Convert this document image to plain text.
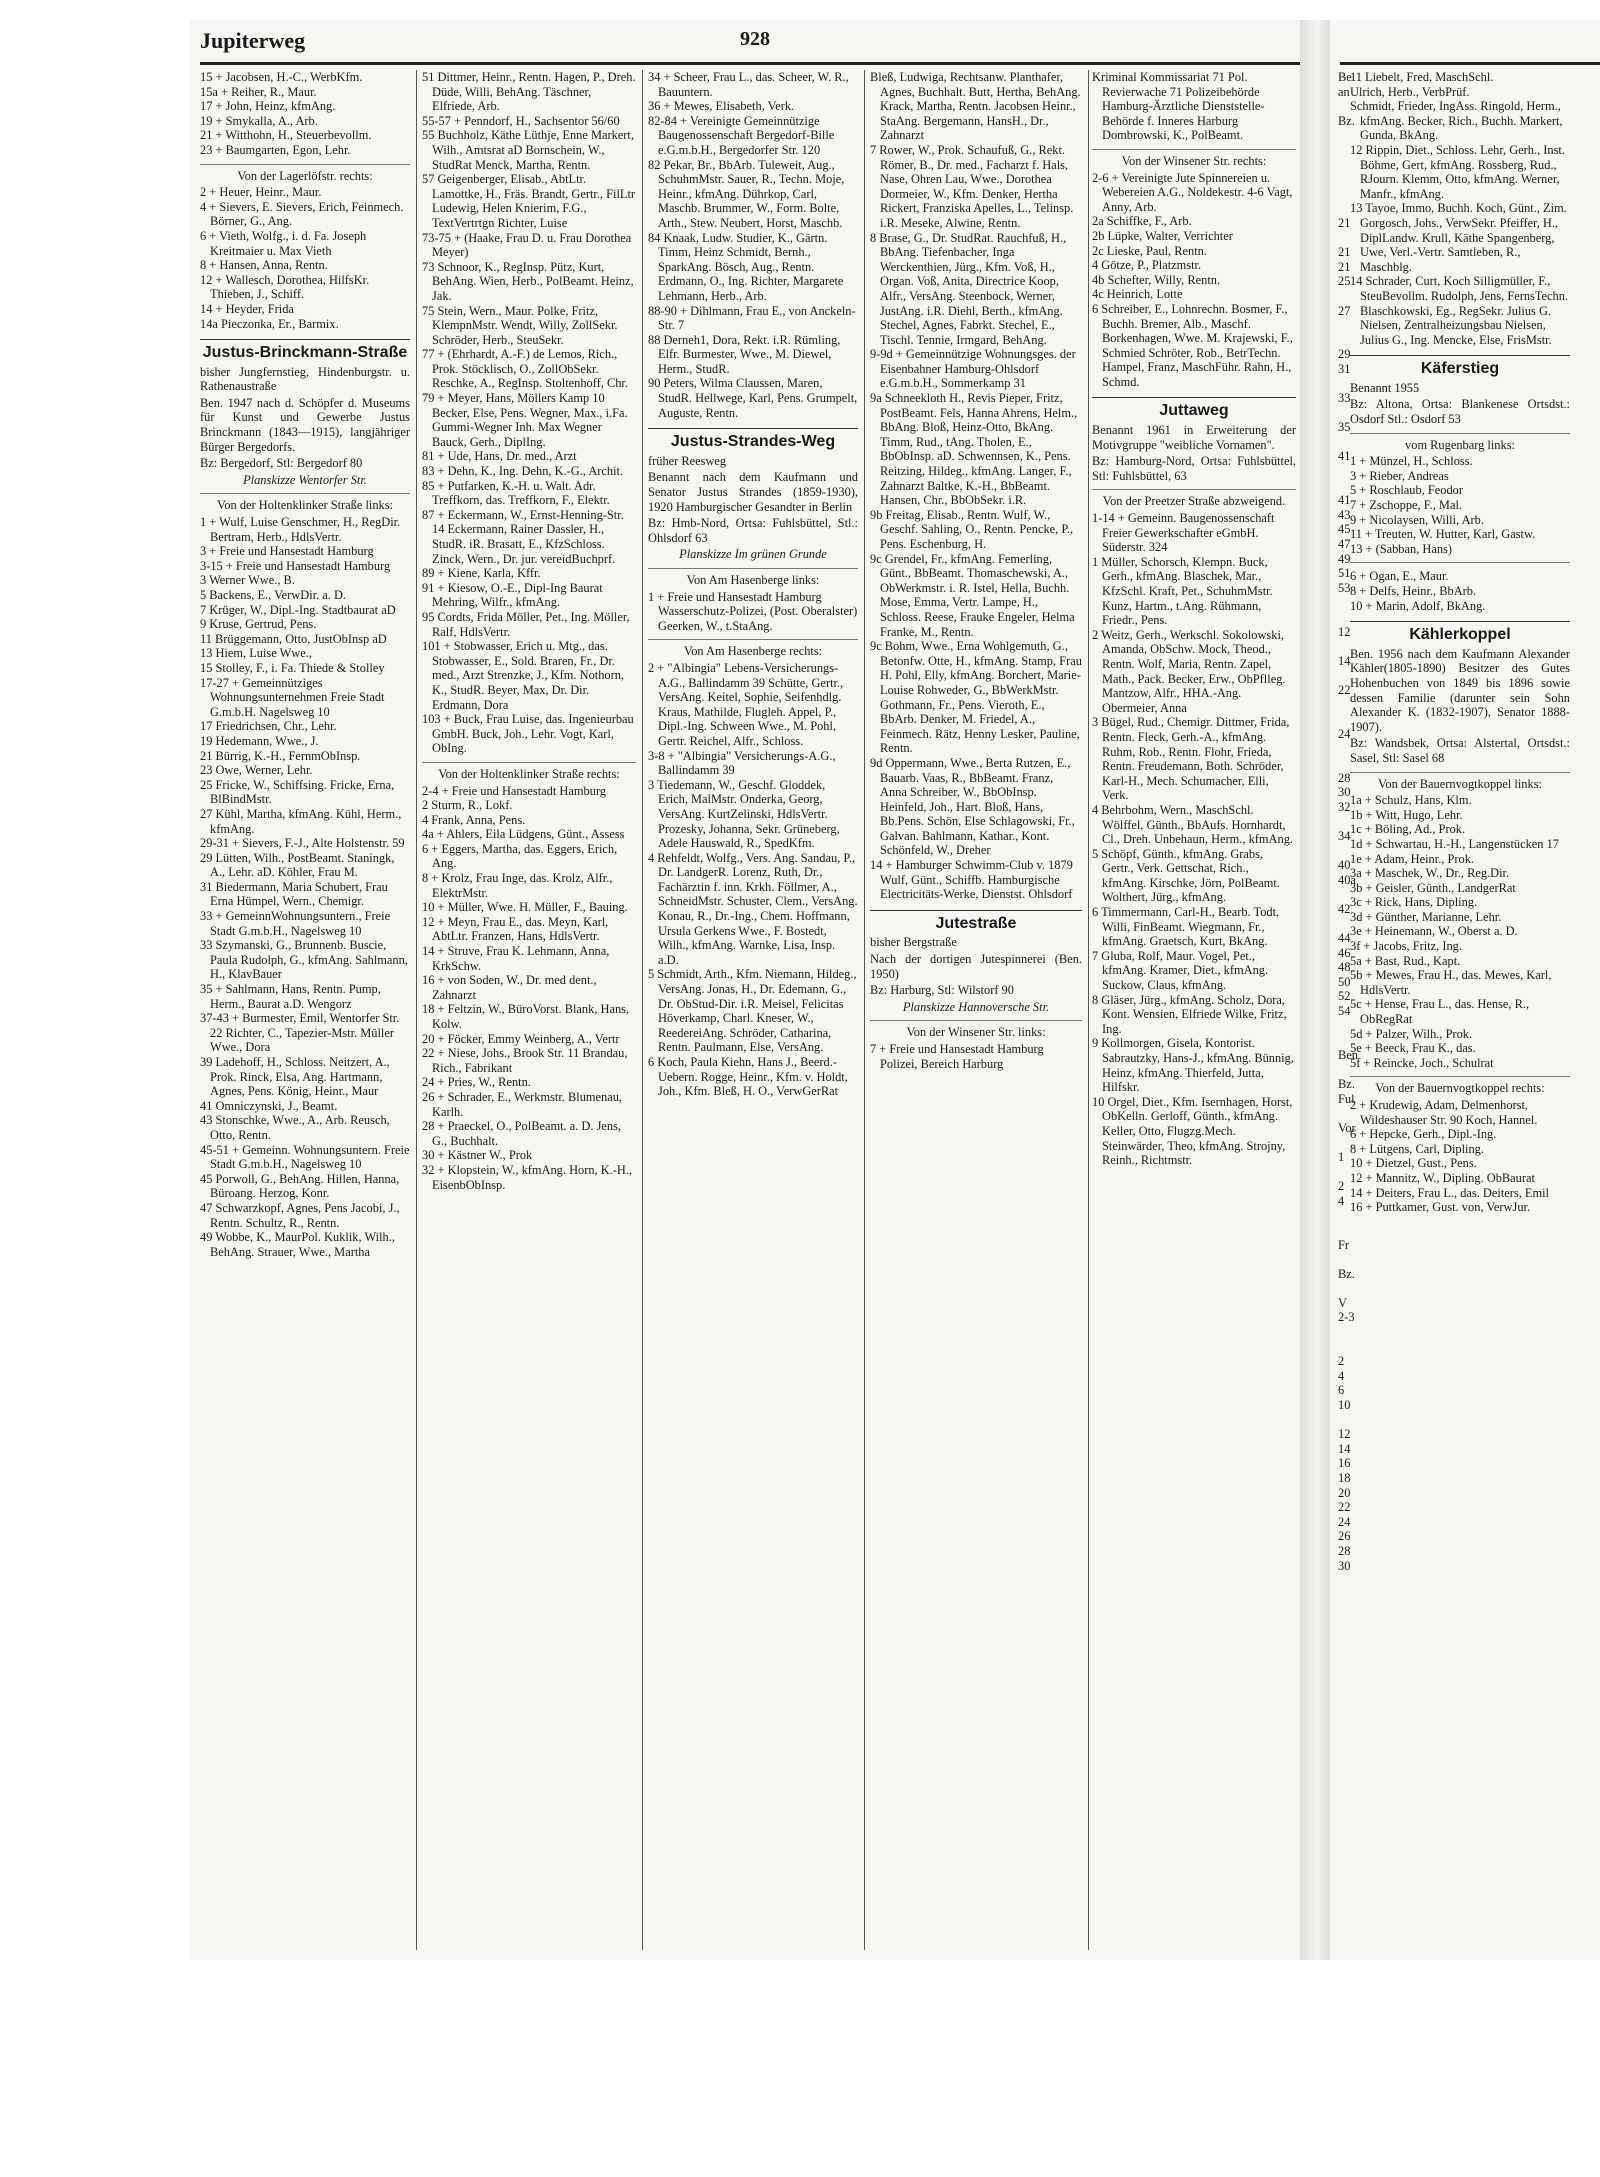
Be
an

Bz.

21

21
21
25

27

29
31

33

35

41

41
43
45
47
49
51
53

12

14

22

24

28
30
32

34

40
40a

42

44
46
48
50
52
54

Ben

Bz.
Ful

Vor

1

2
4

Fr

Bz.

V
2-3

2
4
6
10

12
14
16
18
20
22
24
26
28
30
Jupiterweg	928

15 + Jacobsen, H.-C., WerbKfm.

15a + Reiher, R., Maur.

17 + John, Heinz, kfmAng.

19 + Smykalla, A., Arb.

21 + Witthohn, H., Steuerbevollm.

23 + Baumgarten, Egon, Lehr.

Von der Lagerlöfstr. rechts:

2 + Heuer, Heinr., Maur.

4 + Sievers, E. Sievers, Erich, Feinmech. Börner, G., Ang.

6 + Vieth, Wolfg., i. d. Fa. Joseph Kreitmaier u. Max Vieth

8 + Hansen, Anna, Rentn.

12 + Wallesch, Dorothea, HilfsKr. Thieben, J., Schiff.

14 + Heyder, Frida

14a Pieczonka, Er., Barmix.

Justus-Brinckmann-Straße
bisher Jungfernstieg, Hindenburgstr. u. Rathenaustraße
Ben. 1947 nach d. Schöpfer d. Museums für Kunst und Gewerbe Justus Brinckmann (1843—1915), langjähriger Bürger Bergedorfs.
Bz: Bergedorf, Stl: Bergedorf 80
Planskizze Wentorfer Str.
Von der Holtenklinker Straße links:

1 + Wulf, Luise Genschmer, H., RegDir. Bertram, Herb., HdlsVertr.

3 + Freie und Hansestadt Hamburg

3-15 + Freie und Hansestadt Hamburg

3 Werner Wwe., B.

5 Backens, E., VerwDir. a. D.

7 Krüger, W., Dipl.-Ing. Stadtbaurat aD

9 Kruse, Gertrud, Pens.

11 Brüggemann, Otto, JustObInsp aD

13 Hiem, Luise Wwe.,

15 Stolley, F., i. Fa. Thiede & Stolley

17-27 + Gemeinnütziges Wohnungsunternehmen Freie Stadt G.m.b.H. Nagelsweg 10

17 Friedrichsen, Chr., Lehr.

19 Hedemann, Wwe., J.

21 Bürrig, K.-H., FernmObInsp.

23 Owe, Werner, Lehr.

25 Fricke, W., Schiffsing. Fricke, Erna, BlBindMstr.

27 Kühl, Martha, kfmAng. Kühl, Herm., kfmAng.

29-31 + Sievers, F.-J., Alte Holstenstr. 59

29 Lütten, Wilh., PostBeamt. Staningk, A., Lehr. aD. Köhler, Frau M.

31 Biedermann, Maria Schubert, Frau Erna Hümpel, Wern., Chemigr.

33 + GemeinnWohnungsuntern., Freie Stadt G.m.b.H., Nagelsweg 10

33 Szymanski, G., Brunnenb. Buscie, Paula Rudolph, G., kfmAng. Sahlmann, H., KlavBauer

35 + Sahlmann, Hans, Rentn. Pump, Herm., Baurat a.D. Wengorz

37-43 + Burmester, Emil, Wentorfer Str. 22 Richter, C., Tapezier-Mstr. Müller Wwe., Dora

39 Ladehoff, H., Schloss. Neitzert, A., Prok. Rinck, Elsa, Ang. Hartmann, Agnes, Pens. König, Heinr., Maur

41 Omniczynski, J., Beamt.

43 Stonschke, Wwe., A., Arb. Reusch, Otto, Rentn.

45-51 + Gemeinn. Wohnungsuntern. Freie Stadt G.m.b.H., Nagelsweg 10

45 Porwoll, G., BehAng. Hillen, Hanna, Büroang. Herzog, Konr.

47 Schwarzkopf, Agnes, Pens Jacobi, J., Rentn. Schultz, R., Rentn.

49 Wobbe, K., MaurPol. Kuklik, Wilh., BehAng. Strauer, Wwe., Martha

51 Dittmer, Heinr., Rentn. Hagen, P., Dreh. Düde, Willi, BehAng. Täschner, Elfriede, Arb.

55-57 + Penndorf, H., Sachsentor 56/60

55 Buchholz, Käthe Lüthje, Enne Markert, Wilh., Amtsrat aD Bornschein, W., StudRat Menck, Martha, Rentn.

57 Geigenberger, Elisab., AbtLtr. Lamottke, H., Fräs. Brandt, Gertr., FilLtr Ludewig, Helen Knierim, F.G., TextVertrtgn Richter, Luise

73-75 + (Haake, Frau D. u. Frau Dorothea Meyer)

73 Schnoor, K., RegInsp. Pütz, Kurt, BehAng. Wien, Herb., PolBeamt. Heinz, Jak.

75 Stein, Wern., Maur. Polke, Fritz, KlempnMstr. Wendt, Willy, ZollSekr. Schröder, Herb., SteuSekr.

77 + (Ehrhardt, A.-F.) de Lemos, Rich., Prok. Stöcklisch, O., ZollObSekr. Reschke, A., RegInsp. Stoltenhoff, Chr.

79 + Meyer, Hans, Möllers Kamp 10 Becker, Else, Pens. Wegner, Max., i.Fa. Gummi-Wegner Inh. Max Wegner Bauck, Gerh., DiplIng.

81 + Ude, Hans, Dr. med., Arzt

83 + Dehn, K., Ing. Dehn, K.-G., Archit.

85 + Putfarken, K.-H. u. Walt. Adr. Treffkorn, das. Treffkorn, F., Elektr.

87 + Eckermann, W., Ernst-Henning-Str. 14 Eckermann, Rainer Dassler, H., StudR. iR. Brasatt, E., KfzSchloss. Zinck, Wern., Dr. jur. vereidBuchprf.

89 + Kiene, Karla, Kffr.

91 + Kiesow, O.-E., Dipl-Ing Baurat Mehring, Wilfr., kfmAng.

95 Cordts, Frida Möller, Pet., Ing. Möller, Ralf, HdlsVertr.

101 + Stobwasser, Erich u. Mtg., das. Stobwasser, E., Sold. Braren, Fr., Dr. med., Arzt Strenzke, J., Kfm. Nothorn, K., StudR. Beyer, Max, Dr. Dir. Erdmann, Dora

103 + Buck, Frau Luise, das. Ingenieurbau GmbH. Buck, Joh., Lehr. Vogt, Karl, ObIng.

Von der Holtenklinker Straße rechts:

2-4 + Freie und Hansestadt Hamburg

2 Sturm, R., Lokf.

4 Frank, Anna, Pens.

4a + Ahlers, Eila Lüdgens, Günt., Assess

6 + Eggers, Martha, das. Eggers, Erich, Ang.

8 + Krolz, Frau Inge, das. Krolz, Alfr., ElektrMstr.

10 + Müller, Wwe. H. Müller, F., Bauing.

12 + Meyn, Frau E., das. Meyn, Karl, AbtLtr. Franzen, Hans, HdlsVertr.

14 + Struve, Frau K. Lehmann, Anna, KrkSchw.

16 + von Soden, W., Dr. med dent., Zahnarzt

18 + Feltzin, W., BüroVorst. Blank, Hans, Kolw.

20 + Föcker, Emmy Weinberg, A., Vertr

22 + Niese, Johs., Brook Str. 11 Brandau, Rich., Fabrikant

24 + Pries, W., Rentn.

26 + Schrader, E., Werkmstr. Blumenau, Karlh.

28 + Praeckel, O., PolBeamt. a. D. Jens, G., Buchhalt.

30 + Kästner W., Prok

32 + Klopstein, W., kfmAng. Horn, K.-H., EisenbObInsp.

34 + Scheer, Frau L., das. Scheer, W. R., Bauuntern.

36 + Mewes, Elisabeth, Verk.

82-84 + Vereinigte Gemeinnützige Baugenossenschaft Bergedorf-Bille e.G.m.b.H., Bergedorfer Str. 120

82 Pekar, Br., BbArb. Tuleweit, Aug., SchuhmMstr. Sauer, R., Techn. Moje, Heinr., kfmAng. Dührkop, Carl, Maschb. Brummer, W., Form. Bolte, Arth., Stew. Neubert, Horst, Maschb.

84 Knaak, Ludw. Studier, K., Gärtn. Timm, Heinz Schmidt, Bernh., SparkAng. Bösch, Aug., Rentn. Erdmann, O., Ing. Richter, Margarete Lehmann, Herb., Arb.

88-90 + Dihlmann, Frau E., von Anckeln-Str. 7

88 Derneh1, Dora, Rekt. i.R. Rümling, Elfr. Burmester, Wwe., M. Diewel, Herm., StudR.

90 Peters, Wilma Claussen, Maren, StudR. Hellwege, Karl, Pens. Grumpelt, Auguste, Rentn.

Justus-Strandes-Weg
früher Reesweg
Benannt nach dem Kaufmann und Senator Justus Strandes (1859-1930), 1920 Hamburgischer Gesandter in Berlin
Bz: Hmb-Nord, Ortsa: Fuhlsbüttel, Stl.: Ohlsdorf 63
Planskizze Im grünen Grunde
Von Am Hasenberge links:

1 + Freie und Hansestadt Hamburg Wasserschutz-Polizei, (Post. Oberalster) Geerken, W., t.StaAng.

Von Am Hasenberge rechts:

2 + "Albingia" Lebens-Versicherungs-A.G., Ballindamm 39 Schütte, Gertr., VersAng. Keitel, Sophie, Seifenhdlg. Kraus, Mathilde, Flugleh. Appel, P., Dipl.-Ing. Schween Wwe., M. Pohl, Gertr. Reichel, Alfr., Schloss.

3-8 + "Albingia" Versicherungs-A.G., Ballindamm 39

3 Tiedemann, W., Geschf. Gloddek, Erich, MalMstr. Onderka, Georg, VersAng. KurtZelinski, HdlsVertr. Prozesky, Johanna, Sekr. Grüneberg, Adele Hauswald, R., SpedKfm.

4 Rehfeldt, Wolfg., Vers. Ang. Sandau, P., Dr. LandgerR. Lorenz, Ruth, Dr., Fachärztin f. inn. Krkh. Föllmer, A., SchneidMstr. Schuster, Clem., VersAng. Konau, R., Dr.-Ing., Chem. Hoffmann, Ursula Gerkens Wwe., F. Bostedt, Wilh., kfmAng. Warnke, Lisa, Insp. a.D.

5 Schmidt, Arth., Kfm. Niemann, Hildeg., VersAng. Jonas, H., Dr. Edemann, G., Dr. ObStud-Dir. i.R. Meisel, Felicitas Höverkamp, Charl. Kneser, W., ReedereiAng. Schröder, Catharina, Rentn. Paulmann, Else, VersAng.

6 Koch, Paula Kiehn, Hans J., Beerd.-Uebern. Rogge, Heinr., Kfm. v. Holdt, Joh., Kfm. Bleß, H. O., VerwGerRat

Bleß, Ludwiga, Rechtsanw. Planthafer, Agnes, Buchhalt. Butt, Hertha, BehAng. Krack, Martha, Rentn. Jacobsen Heinr., StaAng. Bergemann, HansH., Dr., Zahnarzt

7 Rower, W., Prok. Schaufuß, G., Rekt. Römer, B., Dr. med., Facharzt f. Hals, Nase, Ohren Lau, Wwe., Dorothea Dormeier, W., Kfm. Denker, Hertha Rickert, Franziska Apelles, L., Telinsp. i.R. Meseke, Alwine, Rentn.

8 Brase, G., Dr. StudRat. Rauchfuß, H., BbAng. Tiefenbacher, Inga Werckenthien, Jürg., Kfm. Voß, H., Organ. Voß, Anita, Directrice Koop, Alfr., VersAng. Steenbock, Werner, JustAng. i.R. Diehl, Berth., kfmAng. Stechel, Agnes, Fabrkt. Stechel, E., Tischl. Tennie, Irmgard, BehAng.

9-9d + Gemeinnützige Wohnungsges. der Eisenbahner Hamburg-Ohlsdorf e.G.m.b.H., Sommerkamp 31

9a Schneekloth H., Revis Pieper, Fritz, PostBeamt. Fels, Hanna Ahrens, Helm., BbAng. Bloß, Heinz-Otto, BkAng. Timm, Rud., tAng. Tholen, E., BbObInsp. aD. Schwennsen, K., Pens. Reitzing, Hildeg., kfmAng. Langer, F., Zahnarzt Baltke, K.-H., BbBeamt. Hansen, Chr., BbObSekr. i.R.

9b Freitag, Elisab., Rentn. Wulf, W., Geschf. Sahling, O., Rentn. Pencke, P., Pens. Eschenburg, H.

9c Grendel, Fr., kfmAng. Femerling, Günt., BbBeamt. Thomaschewski, A., ObWerkmstr. i. R. Istel, Hella, Buchh. Mose, Emma, Vertr. Lampe, H., Schloss. Reese, Frauke Engeler, Helma Franke, M., Rentn.

9c Bohm, Wwe., Erna Wohlgemuth, G., Betonfw. Otte, H., kfmAng. Stamp, Frau H. Pohl, Elly, kfmAng. Borchert, Marie-Louise Rohweder, G., BbWerkMstr. Gothmann, Fr., Pens. Vieroth, E., BbArb. Denker, M. Friedel, A., Feinmech. Rätz, Henny Lesker, Pauline, Rentn.

9d Oppermann, Wwe., Berta Rutzen, E., Bauarb. Vaas, R., BbBeamt. Franz, Anna Schreiber, W., BbObInsp. Heinfeld, Joh., Hart. Bloß, Hans, Bb.Pens. Schön, Else Schlagowski, Fr., Galvan. Bahlmann, Kathar., Kont. Schönfeld, W., Dreher

14 + Hamburger Schwimm-Club v. 1879 Wulf, Günt., Schiffb. Hamburgische Electricitäts-Werke, Dienstst. Ohlsdorf

Jutestraße
bisher Bergstraße
Nach der dortigen Jutespinnerei (Ben. 1950)
Bz: Harburg, Stl: Wilstorf 90
Planskizze Hannoversche Str.
Von der Winsener Str. links:

7 + Freie und Hansestadt Hamburg Polizei, Bereich Harburg

Kriminal Kommissariat 71 Pol. Revierwache 71 Polizeibehörde Hamburg-Ärztliche Dienststelle-Behörde f. Inneres Harburg Dombrowski, K., PolBeamt.

Von der Winsener Str. rechts:

2-6 + Vereinigte Jute Spinnereien u. Webereien A.G., Noldekestr. 4-6 Vagt, Anny, Arb.

2a Schiffke, F., Arb.

2b Lüpke, Walter, Verrichter

2c Lieske, Paul, Rentn.

4 Götze, P., Platzmstr.

4b Schefter, Willy, Rentn.

4c Heinrich, Lotte

6 Schreiber, E., Lohnrechn. Bosmer, F., Buchh. Bremer, Alb., Maschf. Borkenhagen, Wwe. M. Krajewski, F., Schmied Schröter, Rob., BetrTechn. Hampel, Franz, MaschFühr. Rahn, H., Schmd.

Juttaweg
Benannt 1961 in Erweiterung der Motivgruppe "weibliche Vornamen".
Bz: Hamburg-Nord, Ortsa: Fuhlsbüttel, Stl: Fuhlsbüttel, 63
Von der Preetzer Straße abzweigend.

1-14 + Gemeinn. Baugenossenschaft Freier Gewerkschafter eGmbH. Süderstr. 324

1 Müller, Schorsch, Klempn. Buck, Gerh., kfmAng. Blaschek, Mar., KfzSchl. Kraft, Pet., SchuhmMstr. Kunz, Hartm., t.Ang. Rühmann, Friedr., Pens.

2 Weitz, Gerh., Werkschl. Sokolowski, Amanda, ObSchw. Mock, Theod., Rentn. Wolf, Maria, Rentn. Zapel, Math., Pack. Becker, Erw., ObPflleg. Mantzow, Alfr., HHA.-Ang. Obermeier, Anna

3 Bügel, Rud., Chemigr. Dittmer, Frida, Rentn. Fleck, Gerh.-A., kfmAng. Ruhm, Rob., Rentn. Flohr, Frieda, Rentn. Freudemann, Both. Schröder, Karl-H., Mech. Schumacher, Elli, Verk.

4 Behrbohm, Wern., MaschSchl. Wölffel, Günth., BbAufs. Hornhardt, Cl., Dreh. Unbehaun, Herm., kfmAng.

5 Schöpf, Günth., kfmAng. Grabs, Gertr., Verk. Gettschat, Rich., kfmAng. Kirschke, Jörn, PolBeamt. Wolthert, Jürg., kfmAng.

6 Timmermann, Carl-H., Bearb. Todt, Willi, FinBeamt. Wiegmann, Fr., kfmAng. Graetsch, Kurt, BkAng.

7 Gluba, Rolf, Maur. Vogel, Pet., kfmAng. Kramer, Diet., kfmAng. Suckow, Claus, kfmAng.

8 Gläser, Jürg., kfmAng. Scholz, Dora, Kont. Wensien, Elfriede Wilke, Fritz, Ing.

9 Kollmorgen, Gisela, Kontorist. Sabrautzky, Hans-J., kfmAng. Bünnig, Heinz, kfmAng. Thierfeld, Jutta, Hilfskr.

10 Orgel, Diet., Kfm. Isernhagen, Horst, ObKelln. Gerloff, Günth., kfmAng. Keller, Otto, Flugzg.Mech. Steinwärder, Theo, kfmAng. Strojny, Reinh., Richtmstr.

11 Liebelt, Fred, MaschSchl.

Ulrich, Herb., VerbPrüf.

Schmidt, Frieder, IngAss. Ringold, Herm., kfmAng. Becker, Rich., Buchh. Markert, Gunda, BkAng.

12 Rippin, Diet., Schloss. Lehr, Gerh., Inst. Böhme, Gert, kfmAng. Rossberg, Rud., RJourn. Klemm, Otto, kfmAng. Werner, Manfr., kfmAng.

13 Tayoe, Immo, Buchh. Koch, Günt., Zim. Gorgosch, Johs., VerwSekr. Pfeiffer, H., DiplLandw. Krull, Käthe Spangenberg, Uwe, Verl.-Vertr. Samtleben, R., Maschblg.

14 Schrader, Curt, Koch Silligmüller, F., SteuBevollm. Rudolph, Jens, FernsTechn. Blaschkowski, Eg., RegSekr. Julius G. Nielsen, Zentralheizungsbau Nielsen, Julius G., Ing. Mencke, Else, FrisMstr.

Käferstieg
Benannt 1955
Bz: Altona, Ortsa: Blankenese Ortsdst.: Osdorf Stl.: Osdorf 53
vom Rugenbarg links:

1 + Münzel, H., Schloss.

3 + Rieber, Andreas

5 + Roschlaub, Feodor

7 + Zschoppe, F., Mal.

9 + Nicolaysen, Willi, Arb.

11 + Treuten, W. Hutter, Karl, Gastw.

13 + (Sabban, Hans)

6 + Ogan, E., Maur.

8 + Delfs, Heinr., BbArb.

10 + Marin, Adolf, BkAng.

Kählerkoppel
Ben. 1956 nach dem Kaufmann Alexander Kähler(1805-1890) Besitzer des Gutes Hohenbuchen von 1849 bis 1896 sowie dessen Familie (darunter sein Sohn Alexander K. (1832-1907), Senator 1888-1907).
Bz: Wandsbek, Ortsa: Alstertal, Ortsdst.: Sasel, Stl: Sasel 68
Von der Bauernvogtkoppel links:

1a + Schulz, Hans, Klm.

1b + Witt, Hugo, Lehr.

1c + Böling, Ad., Prok.

1d + Schwartau, H.-H., Langenstücken 17

1e + Adam, Heinr., Prok.

3a + Maschek, W., Dr., Reg.Dir.

3b + Geisler, Günth., LandgerRat

3c + Rick, Hans, Dipling.

3d + Günther, Marianne, Lehr.

3e + Heinemann, W., Oberst a. D.

3f + Jacobs, Fritz, Ing.

5a + Bast, Rud., Kapt.

5b + Mewes, Frau H., das. Mewes, Karl, HdlsVertr.

5c + Hense, Frau L., das. Hense, R., ObRegRat

5d + Palzer, Wilh., Prok.

5e + Beeck, Frau K., das.

5f + Reincke, Joch., Schulrat

Von der Bauernvogtkoppel rechts:

2 + Krudewig, Adam, Delmenhorst, Wildeshauser Str. 90 Koch, Hannel.

6 + Hepcke, Gerh., Dipl.-Ing.

8 + Lütgens, Carl, Dipling.

10 + Dietzel, Gust., Pens.

12 + Mannitz, W., Dipling. ObBaurat

14 + Deiters, Frau L., das. Deiters, Emil

16 + Puttkamer, Gust. von, VerwJur.
